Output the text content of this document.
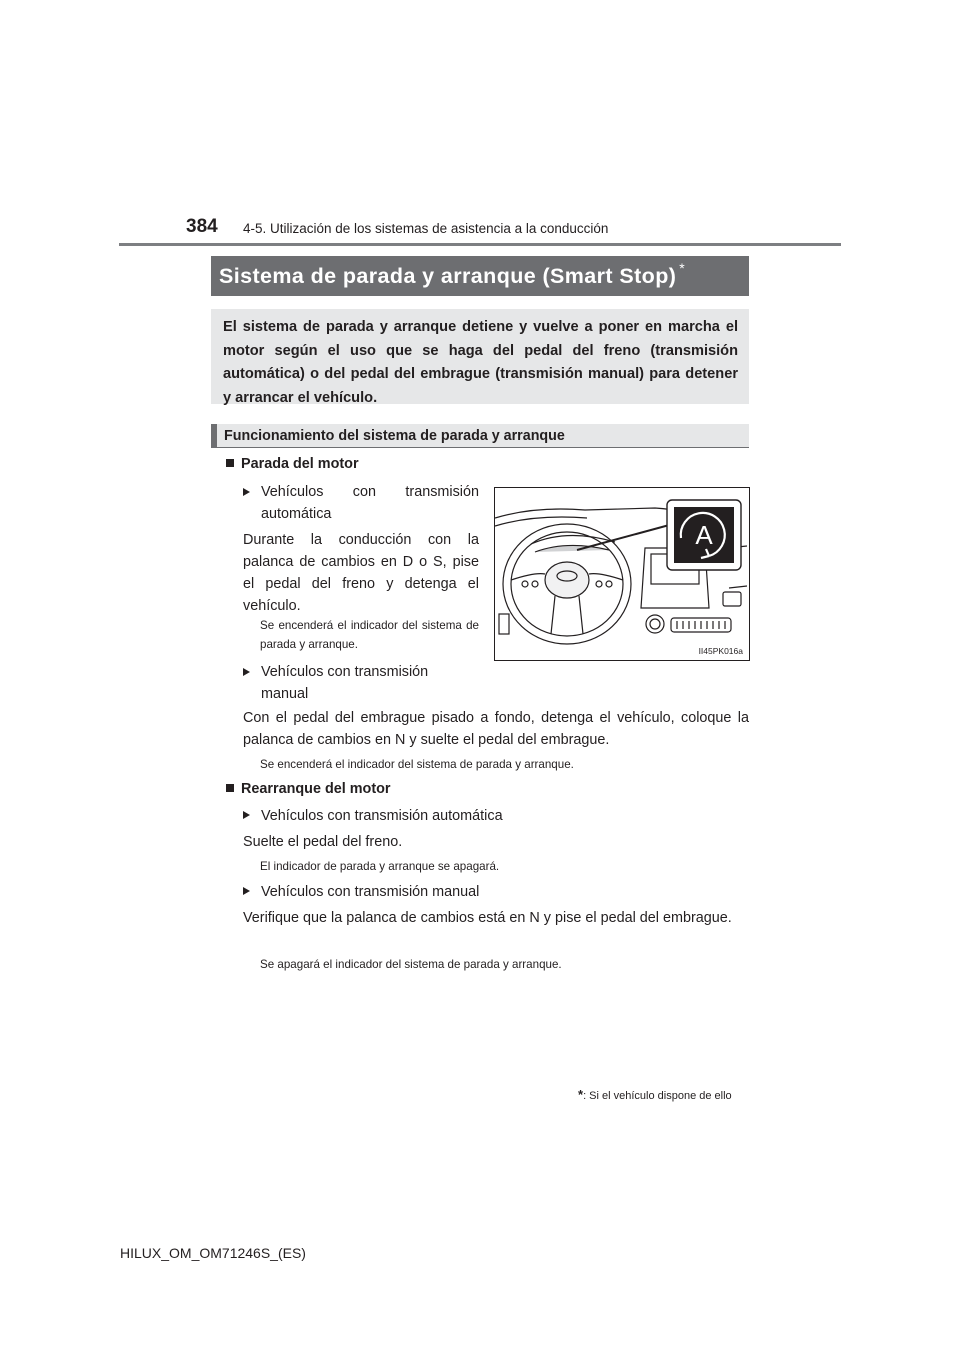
384 4-5. Utilización de los sistemas de asistencia a la conducción
Sistema de parada y arranque (Smart Stop) *
El sistema de parada y arranque detiene y vuelve a poner en marcha el motor según el uso que se haga del pedal del freno (transmisión automática) o del pedal del embrague (transmisión manual) para detener y arrancar el vehículo.
Funcionamiento del sistema de parada y arranque
Parada del motor
Vehículos con transmisión automática
Durante la conducción con la palanca de cambios en D o S, pise el pedal del freno y detenga el vehículo.
Se encenderá el indicador del sistema de parada y arranque.
Vehículos con transmisión manual
Con el pedal del embrague pisado a fondo, detenga el vehículo, coloque la palanca de cambios en N y suelte el pedal del embrague.
Se encenderá el indicador del sistema de parada y arranque.
A
II45PK016a
Rearranque del motor
Vehículos con transmisión automática
Suelte el pedal del freno.
El indicador de parada y arranque se apagará.
Vehículos con transmisión manual
Verifique que la palanca de cambios está en N y pise el pedal del embrague.
Se apagará el indicador del sistema de parada y arranque.
*: Si el vehículo dispone de ello
HILUX_OM_OM71246S_(ES)
